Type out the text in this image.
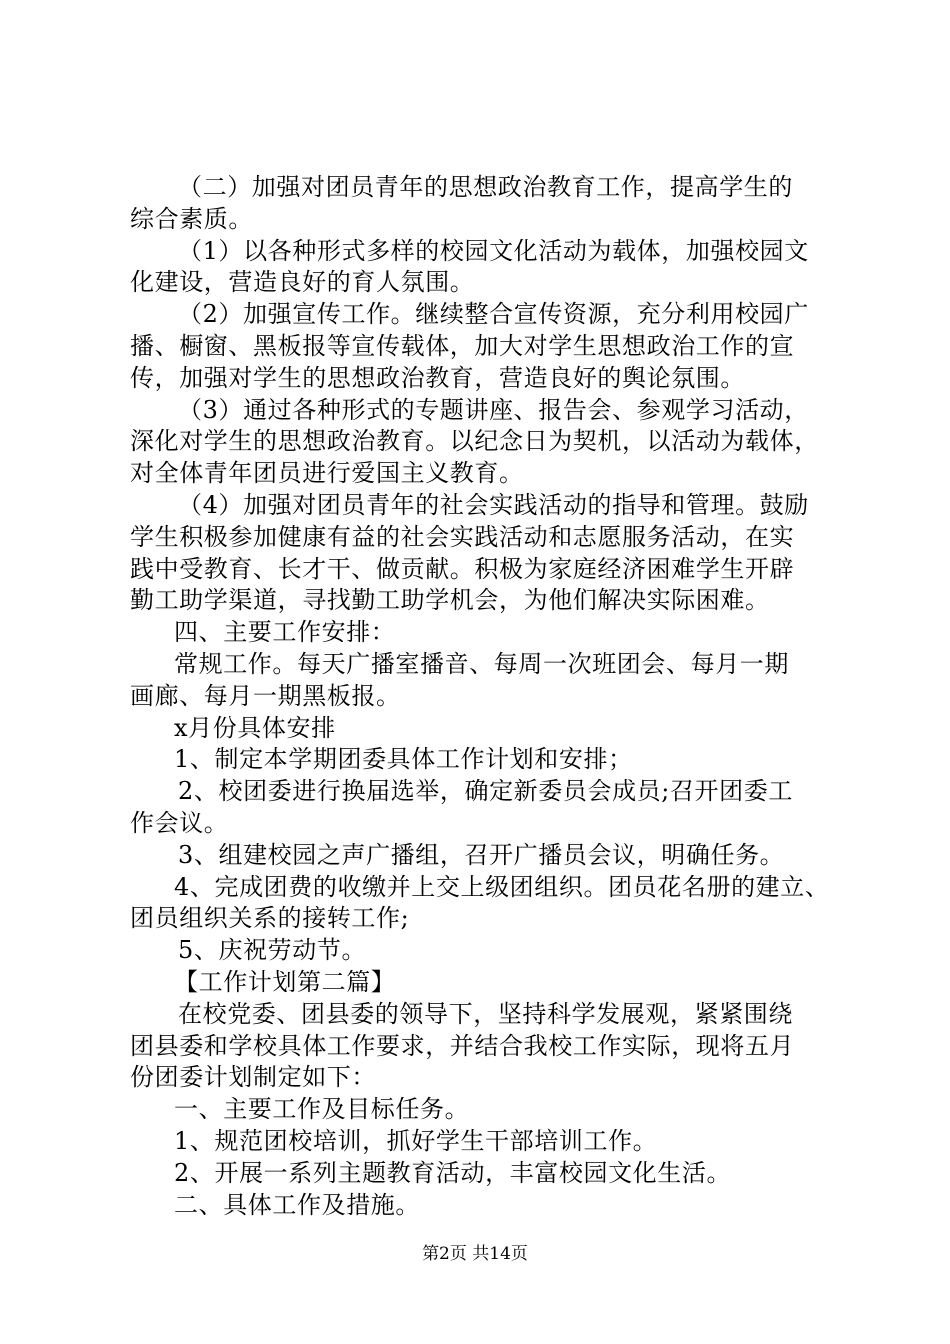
（二）加强对团员青年的思想政治教育工作，提高学生的
综合素质。
（1）以各种形式多样的校园文化活动为载体，加强校园文
化建设，营造良好的育人氛围。
（2）加强宣传工作。继续整合宣传资源，充分利用校园广
播、橱窗、黑板报等宣传载体，加大对学生思想政治工作的宣
传，加强对学生的思想政治教育，营造良好的舆论氛围。
（3）通过各种形式的专题讲座、报告会、参观学习活动，
深化对学生的思想政治教育。以纪念日为契机，以活动为载体，
对全体青年团员进行爱国主义教育。
（4）加强对团员青年的社会实践活动的指导和管理。鼓励
学生积极参加健康有益的社会实践活动和志愿服务活动，在实
践中受教育、长才干、做贡献。积极为家庭经济困难学生开辟
勤工助学渠道，寻找勤工助学机会，为他们解决实际困难。
四、主要工作安排：
常规工作。每天广播室播音、每周一次班团会、每月一期
画廊、每月一期黑板报。
x月份具体安排
1、制定本学期团委具体工作计划和安排；
2、校团委进行换届选举，确定新委员会成员;召开团委工
作会议。
3、组建校园之声广播组，召开广播员会议，明确任务。
4、完成团费的收缴并上交上级团组织。团员花名册的建立、
团员组织关系的接转工作;
5、庆祝劳动节。
【工作计划第二篇】
在校党委、团县委的领导下，坚持科学发展观，紧紧围绕
团县委和学校具体工作要求，并结合我校工作实际，现将五月
份团委计划制定如下：
一、主要工作及目标任务。
1、规范团校培训，抓好学生干部培训工作。
2、开展一系列主题教育活动，丰富校园文化生活。
二、具体工作及措施。
第2页 共14页
